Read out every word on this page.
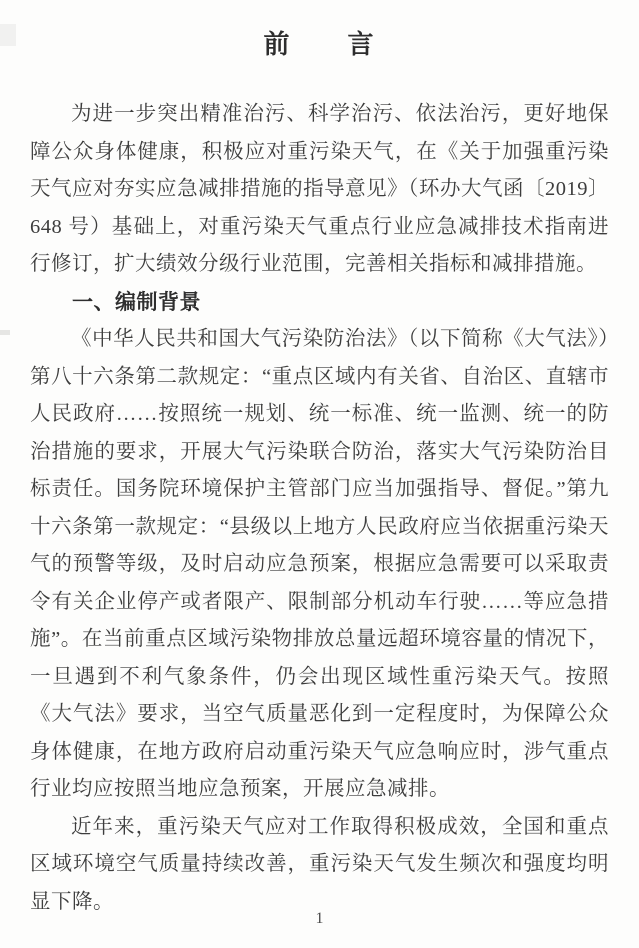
前　　言

为进一步突出精准治污、科学治污、依法治污，更好地保障公众身体健康，积极应对重污染天气，在《关于加强重污染天气应对夯实应急减排措施的指导意见》（环办大气函〔2019〕648 号）基础上，对重污染天气重点行业应急减排技术指南进行修订，扩大绩效分级行业范围，完善相关指标和减排措施。

一、编制背景

《中华人民共和国大气污染防治法》（以下简称《大气法》）第八十六条第二款规定：“重点区域内有关省、自治区、直辖市人民政府……按照统一规划、统一标准、统一监测、统一的防治措施的要求，开展大气污染联合防治，落实大气污染防治目标责任。国务院环境保护主管部门应当加强指导、督促。”第九十六条第一款规定：“县级以上地方人民政府应当依据重污染天气的预警等级，及时启动应急预案，根据应急需要可以采取责令有关企业停产或者限产、限制部分机动车行驶……等应急措施”。在当前重点区域污染物排放总量远超环境容量的情况下，一旦遇到不利气象条件，仍会出现区域性重污染天气。按照《大气法》要求，当空气质量恶化到一定程度时，为保障公众身体健康，在地方政府启动重污染天气应急响应时，涉气重点行业均应按照当地应急预案，开展应急减排。

近年来，重污染天气应对工作取得积极成效，全国和重点区域环境空气质量持续改善，重污染天气发生频次和强度均明显下降。

1
